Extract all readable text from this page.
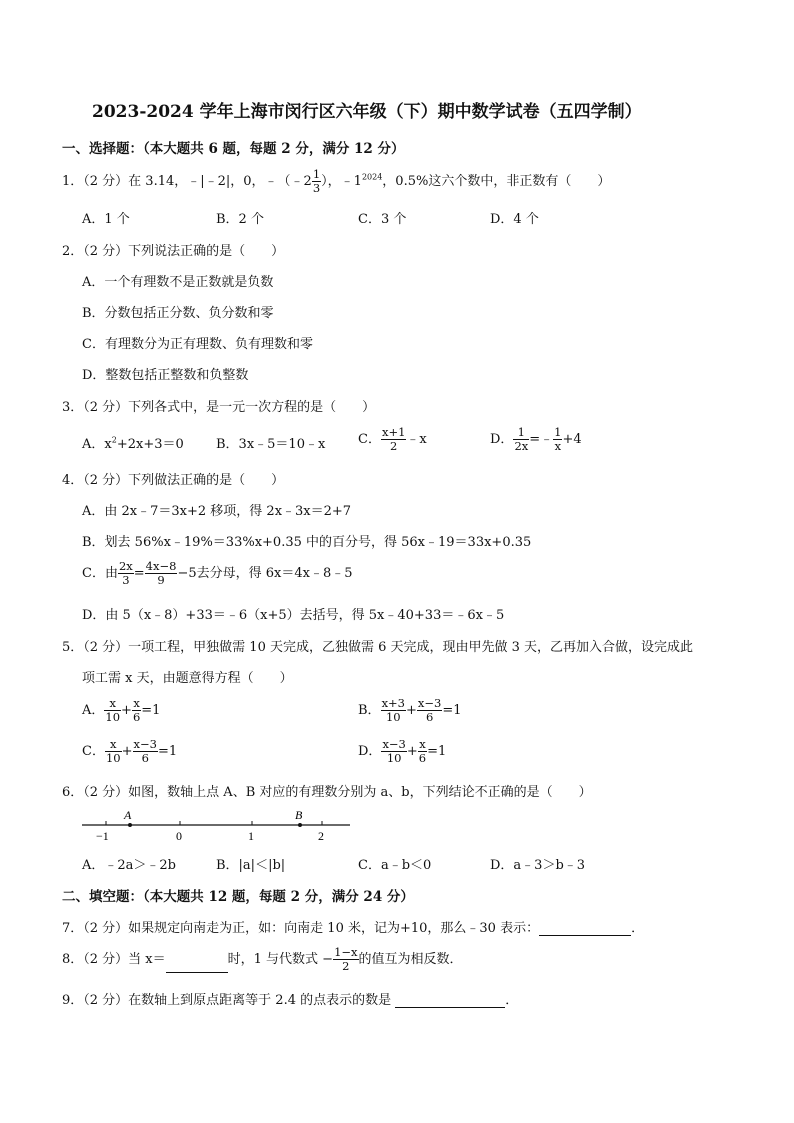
2023-2024 学年上海市闵行区六年级（下）期中数学试卷（五四学制）
一、选择题：（本大题共 6 题，每题 2 分，满分 12 分）
1．（2 分）在 3.14，﹣|﹣2|，0，﹣（﹣2 $\frac{1}{3}$ ），$﹣1^{2024}$，0.5%这六个数中，非正数有（　　）
A．1 个	B．2 个	C．3 个	D．4 个
2．（2 分）下列说法正确的是（　　）
A．一个有理数不是正数就是负数
B．分数包括正分数、负分数和零
C．有理数分为正有理数、负有理数和零
D．整数包括正整数和负整数
3．（2 分）下列各式中，是一元一次方程的是（　　）
A．$x^2+2x+3=0$ B．3x﹣5＝10﹣x	C． $\frac{x+1}{2}$ ﹣x	D． $\frac{1}{2x}$ =﹣ $\frac{1}{x} +4$
4．（2 分）下列做法正确的是（　　）
A．由 2x﹣7＝3x+2 移项，得 2x﹣3x＝2+7
B．划去 56%x﹣19%＝33%x+0.35 中的百分号，得 56x﹣19＝33x+0.35
C．由 $\frac{2x}{3} = \frac{4x-8}{9} -5$去分母，得 6x＝4x﹣8﹣5
D．由 5（x﹣8）+33＝﹣6（x+5）去括号，得 5x﹣40+33＝﹣6x﹣5
5．（2 分）一项工程，甲独做需 10 天完成，乙独做需 6 天完成，现由甲先做 3 天，乙再加入合做，设完成此
项工需 x 天，由题意得方程（　　）
A． $\frac{x}{10} + \frac{x}{6} =1$	B． $\frac{x+3}{10} + \frac{x-3}{6} =1$
C． $\frac{x}{10} + \frac{x-3}{6} =1$	D． $\frac{x-3}{10} + \frac{x}{6} =1$
6．（2 分）如图，数轴上点 A、B 对应的有理数分别为 a、b，下列结论不正确的是（　　）
A	B
−1	0	1	2
A．﹣2a＞﹣2b	B．|a|＜|b|	C．a﹣b＜0	D．a﹣3＞b﹣3
二、填空题：（本大题共 12 题，每题 2 分，满分 24 分）
7．（2 分）如果规定向南走为正，如：向南走 10 米，记为+10，那么﹣30 表示：	．
8．（2 分）当 x＝	时，1 与代数式 − $\frac{1-x}{2}$ 的值互为相反数．
9．（2 分）在数轴上到原点距离等于 2.4 的点表示的数是	．
